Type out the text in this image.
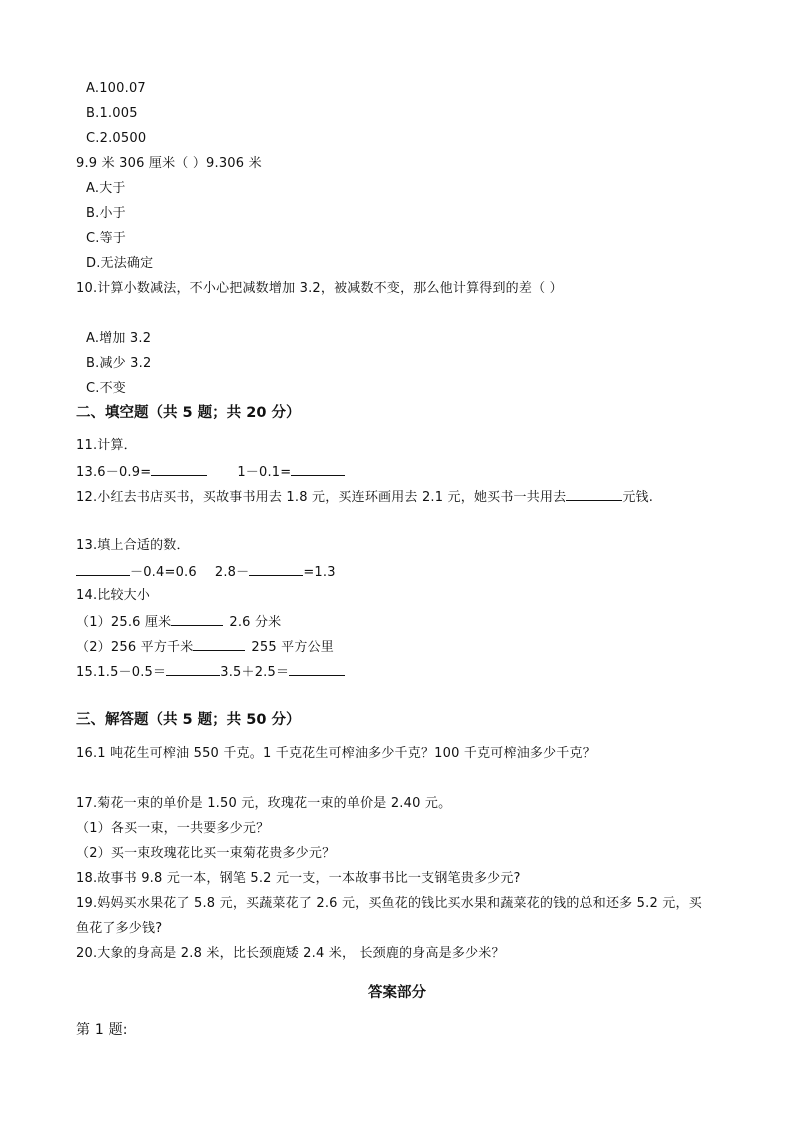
A.100.07
B.1.005
C.2.0500
9.9 米 306 厘米（ ）9.306 米
A.大于
B.小于
C.等于
D.无法确定
10.计算小数减法，不小心把减数增加 3.2，被减数不变，那么他计算得到的差（ ）
A.增加 3.2
B.减少 3.2
C.不变
二、填空题（共 5 题；共 20 分）
11.计算．
13.6－0.9=	1－0.1=
12.小红去书店买书，买故事书用去 1.8 元，买连环画用去 2.1 元，她买书一共用去	元钱.
13.填上合适的数．
－0.4=0.6 2.8－	=1.3
14.比较大小
（1）25.6 厘米	2.6 分米
（2）256 平方千米	255 平方公里
15.1.5－0.5＝	3.5＋2.5＝
三、解答题（共 5 题；共 50 分）
16.1 吨花生可榨油 550 千克。1 千克花生可榨油多少千克？100 千克可榨油多少千克？
17.菊花一束的单价是 1.50 元，玫瑰花一束的单价是 2.40 元。
（1）各买一束，一共要多少元？
（2）买一束玫瑰花比买一束菊花贵多少元？
18.故事书 9.8 元一本，钢笔 5.2 元一支，一本故事书比一支钢笔贵多少元?
19.妈妈买水果花了 5.8 元，买蔬菜花了 2.6 元，买鱼花的钱比买水果和蔬菜花的钱的总和还多 5.2 元，买
鱼花了多少钱?
20.大象的身高是 2.8 米，比长颈鹿矮 2.4 米， 长颈鹿的身高是多少米？
答案部分
第 1 题:
